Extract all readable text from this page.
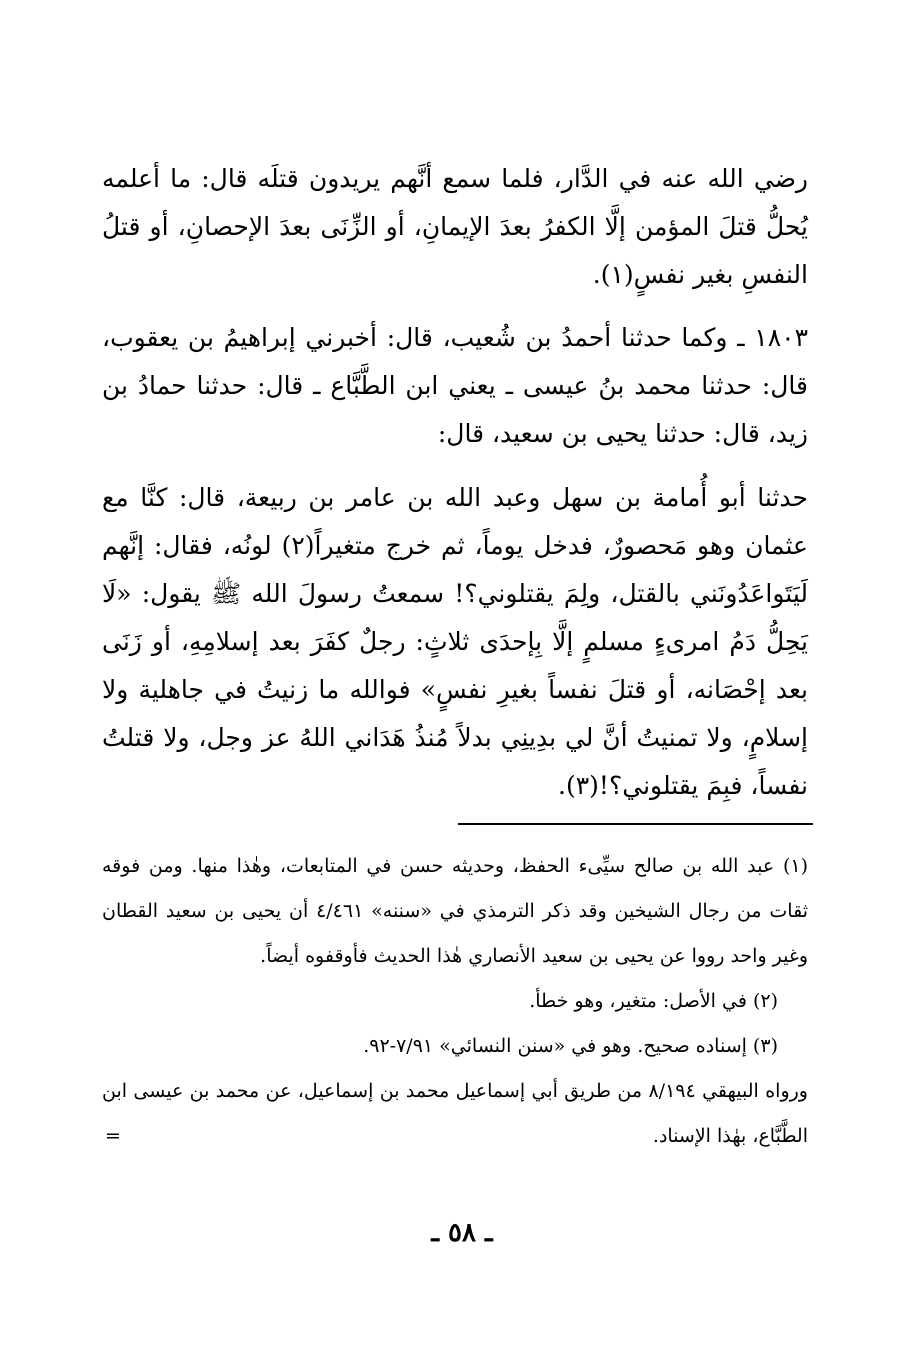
رضي الله عنه في الدَّار، فلما سمع أنَّهم يريدون قتلَه قال: ما أعلمه يُحلُّ قتلَ المؤمن إلَّا الكفرُ بعدَ الإيمانِ، أو الزِّنَى بعدَ الإحصانِ، أو قتلُ النفسِ بغير نفسٍ(١).

١٨٠٣ ـ وكما حدثنا أحمدُ بن شُعيب، قال: أخبرني إبراهيمُ بن يعقوب، قال: حدثنا محمد بنُ عيسى ـ يعني ابن الطَّبَّاع ـ قال: حدثنا حمادُ بن زيد، قال: حدثنا يحيى بن سعيد، قال:

حدثنا أبو أُمامة بن سهل وعبد الله بن عامر بن ربيعة، قال: كنَّا مع عثمان وهو مَحصورٌ، فدخل يوماً، ثم خرج متغيراً(٢) لونُه، فقال: إنَّهم لَيَتَواعَدُونَني بالقتل، ولِمَ يقتلوني؟! سمعتُ رسولَ الله ﷺ يقول: «لَا يَحِلُّ دَمُ امرىءٍ مسلمٍ إلَّا بِإحدَى ثلاثٍ: رجلٌ كفَرَ بعد إسلامِهِ، أو زَنَى بعد إحْصَانه، أو قتلَ نفساً بغيرِ نفسٍ» فوالله ما زنيتُ في جاهلية ولا إسلامٍ، ولا تمنيتُ أنَّ لي بدِينِي بدلاً مُنذُ هَدَاني اللهُ عز وجل، ولا قتلتُ نفساً، فبِمَ يقتلوني؟!(٣).

(١) عبد الله بن صالح سيِّىء الحفظ، وحديثه حسن في المتابعات، وهٰذا منها. ومن فوقه ثقات من رجال الشيخين وقد ذكر الترمذي في «سننه» ٤/٤٦١ أن يحيى بن سعيد القطان وغير واحد رووا عن يحيى بن سعيد الأنصاري هٰذا الحديث فأوقفوه أيضاً.

(٢) في الأصل: متغير، وهو خطأ.

(٣) إسناده صحيح. وهو في «سنن النسائي» ٧/٩١-٩٢.

ورواه البيهقي ٨/١٩٤ من طريق أبي إسماعيل محمد بن إسماعيل، عن محمد بن عيسى ابن الطَّبَّاع، بهٰذا الإسناد.

=
ـ ٥٨ ـ
